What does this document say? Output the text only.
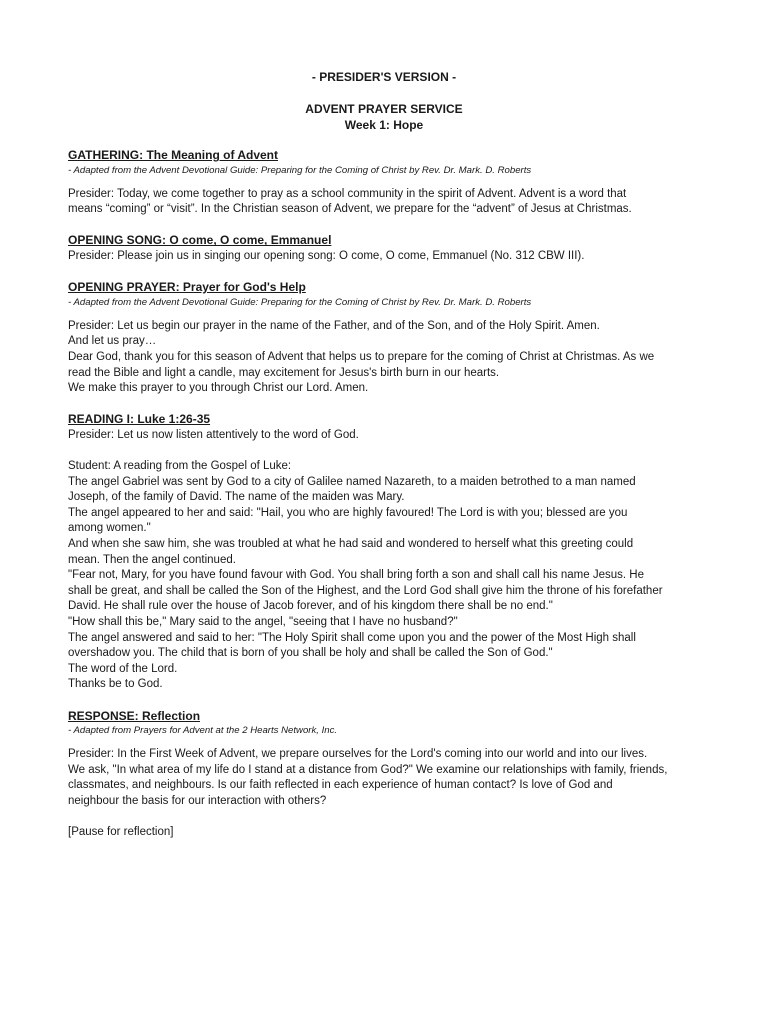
- PRESIDER'S VERSION -

ADVENT PRAYER SERVICE

Week 1: Hope

GATHERING: The Meaning of Advent

- Adapted from the Advent Devotional Guide: Preparing for the Coming of Christ by Rev. Dr. Mark. D. Roberts

Presider: Today, we come together to pray as a school community in the spirit of Advent. Advent is a word that

means “coming” or “visit”. In the Christian season of Advent, we prepare for the “advent” of Jesus at Christmas.

OPENING SONG: O come, O come, Emmanuel

Presider: Please join us in singing our opening song: O come, O come, Emmanuel (No. 312 CBW III).

OPENING PRAYER: Prayer for God's Help

- Adapted from the Advent Devotional Guide: Preparing for the Coming of Christ by Rev. Dr. Mark. D. Roberts

Presider: Let us begin our prayer in the name of the Father, and of the Son, and of the Holy Spirit. Amen.

And let us pray…

Dear God, thank you for this season of Advent that helps us to prepare for the coming of Christ at Christmas. As we

read the Bible and light a candle, may excitement for Jesus's birth burn in our hearts.

We make this prayer to you through Christ our Lord. Amen.

READING I: Luke 1:26-35

Presider: Let us now listen attentively to the word of God.

Student: A reading from the Gospel of Luke:

The angel Gabriel was sent by God to a city of Galilee named Nazareth, to a maiden betrothed to a man named

Joseph, of the family of David. The name of the maiden was Mary.

The angel appeared to her and said: "Hail, you who are highly favoured! The Lord is with you; blessed are you

among women."

And when she saw him, she was troubled at what he had said and wondered to herself what this greeting could

mean. Then the angel continued.

"Fear not, Mary, for you have found favour with God. You shall bring forth a son and shall call his name Jesus. He

shall be great, and shall be called the Son of the Highest, and the Lord God shall give him the throne of his forefather

David. He shall rule over the house of Jacob forever, and of his kingdom there shall be no end."

"How shall this be," Mary said to the angel, "seeing that I have no husband?"

The angel answered and said to her: "The Holy Spirit shall come upon you and the power of the Most High shall

overshadow you. The child that is born of you shall be holy and shall be called the Son of God."

The word of the Lord.

Thanks be to God.

RESPONSE: Reflection

- Adapted from Prayers for Advent at the 2 Hearts Network, Inc.

Presider: In the First Week of Advent, we prepare ourselves for the Lord's coming into our world and into our lives.

We ask, "In what area of my life do I stand at a distance from God?" We examine our relationships with family, friends,

classmates, and neighbours. Is our faith reflected in each experience of human contact? Is love of God and

neighbour the basis for our interaction with others?

[Pause for reflection]
